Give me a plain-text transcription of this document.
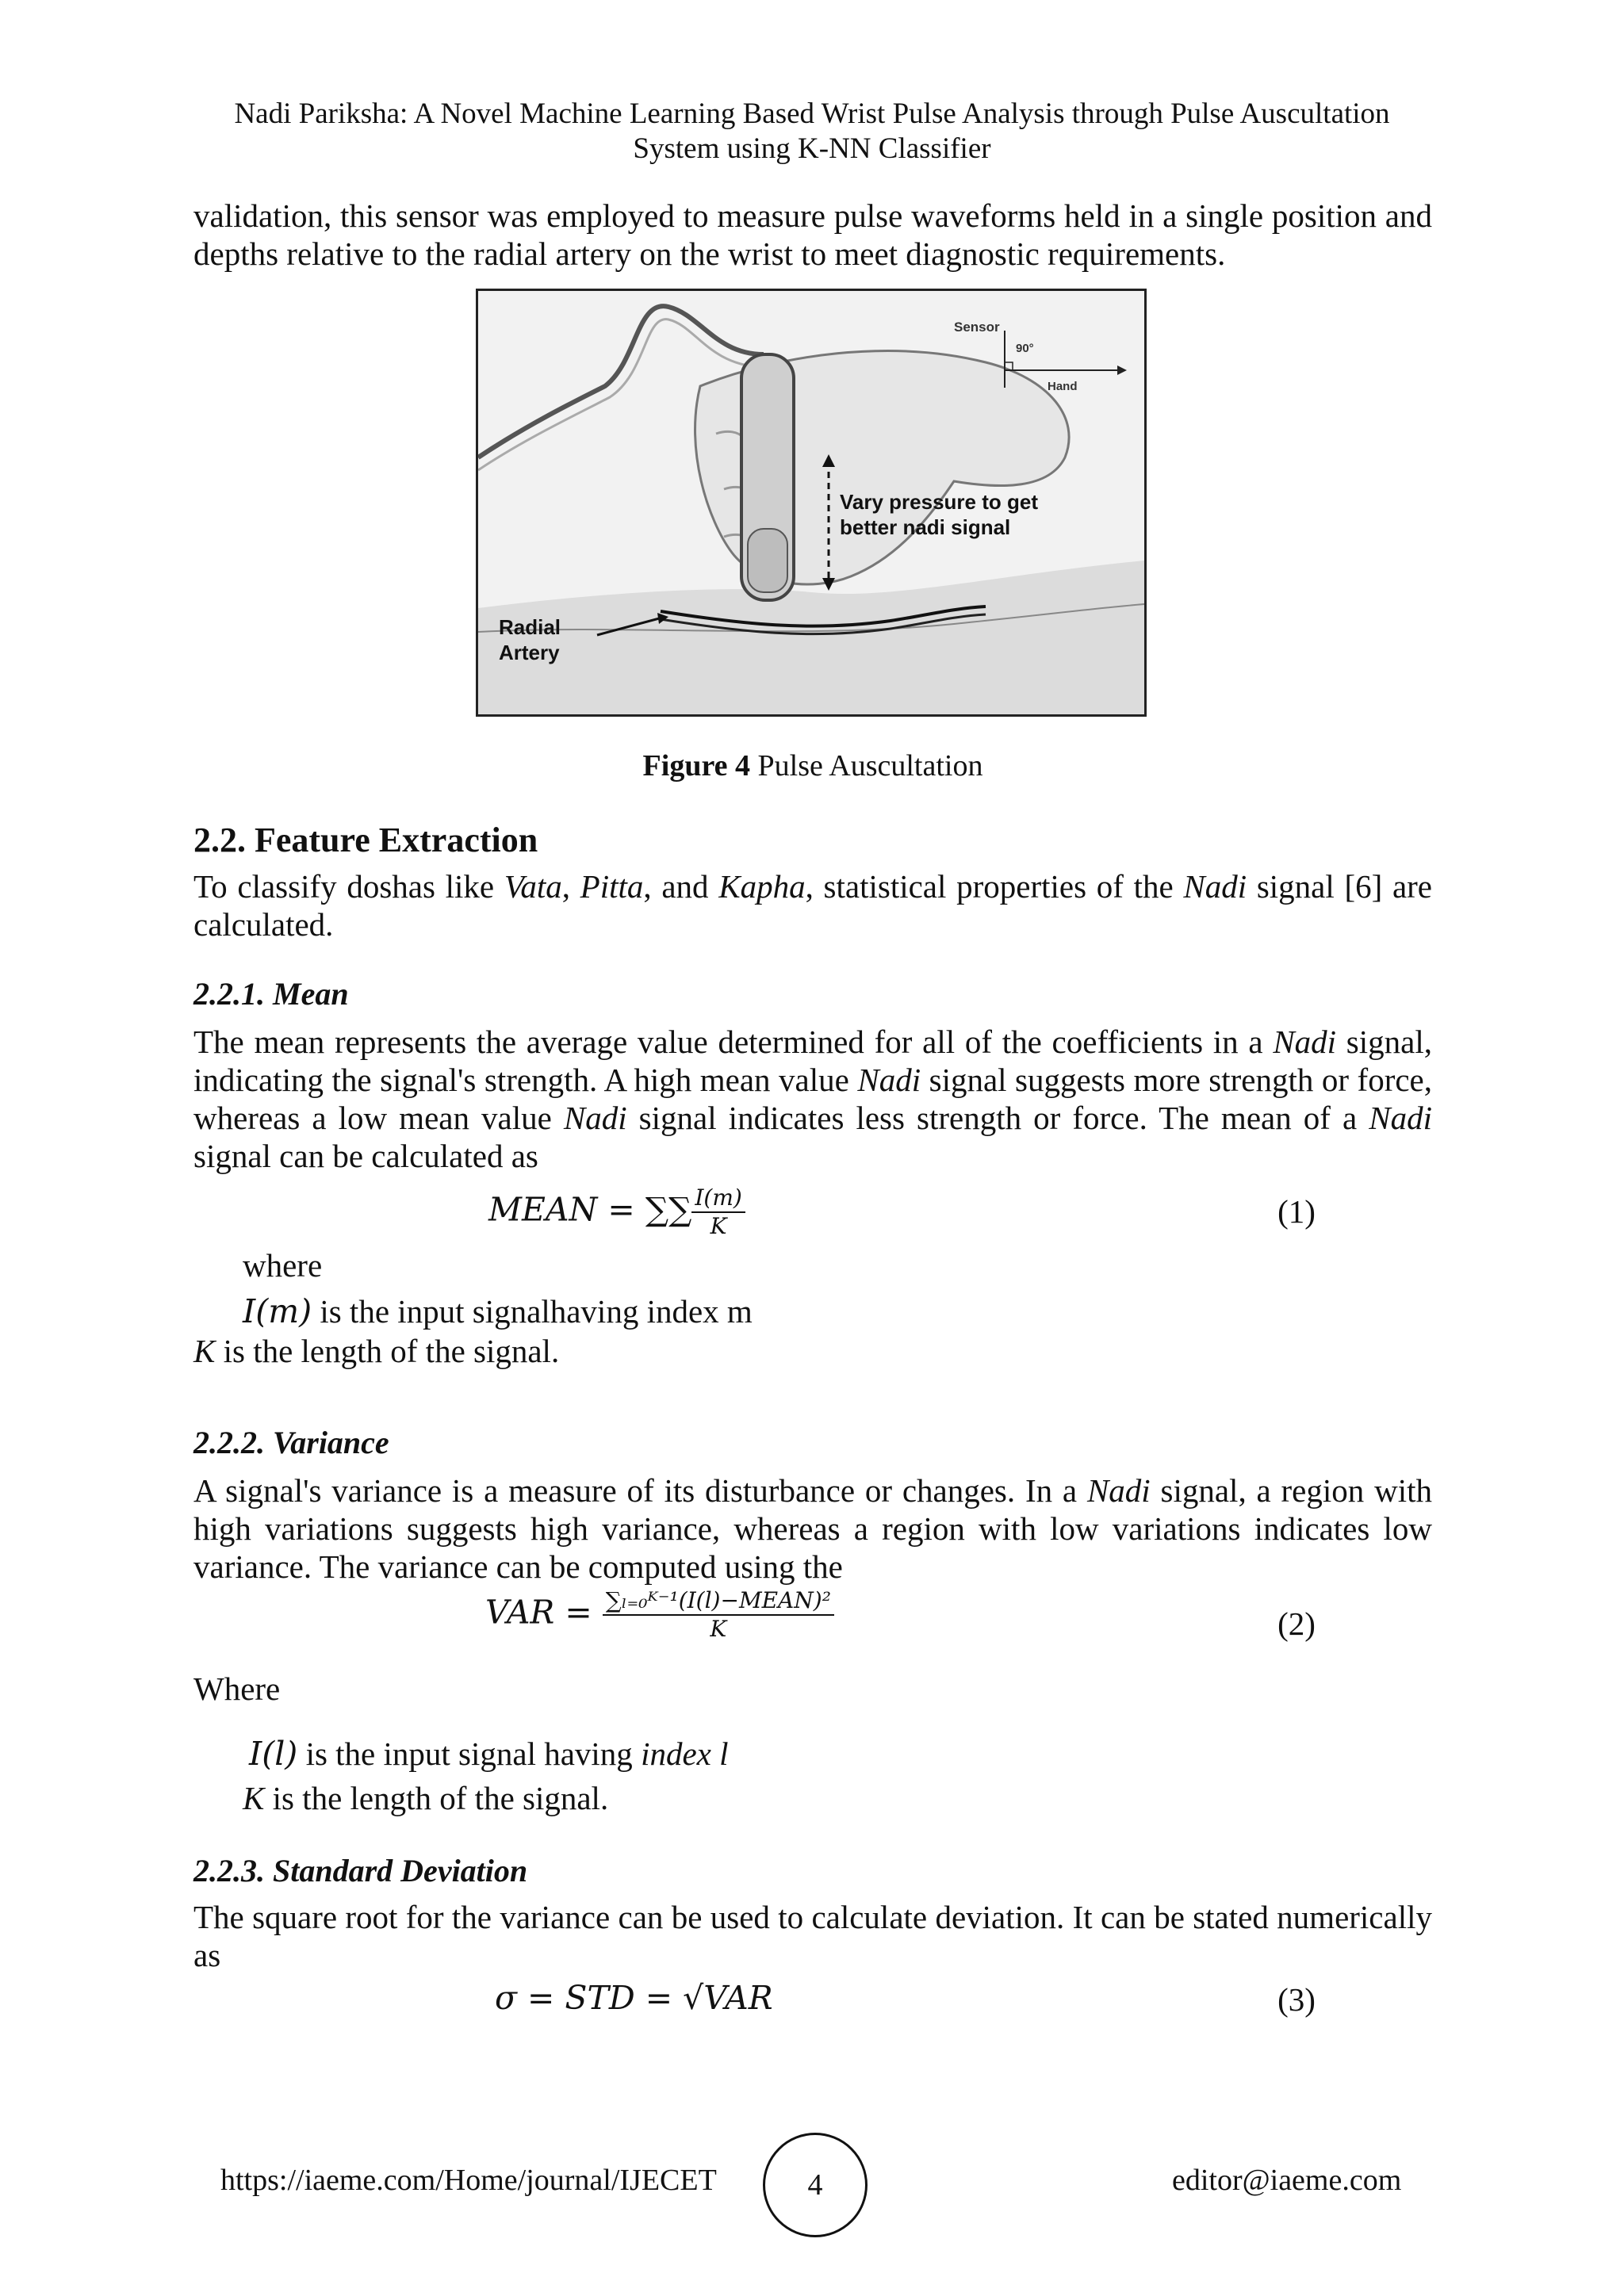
Nadi Pariksha: A Novel Machine Learning Based Wrist Pulse Analysis through Pulse Auscultation
System using K-NN Classifier
validation, this sensor was employed to measure pulse waveforms held in a single position and depths relative to the radial artery on the wrist to meet diagnostic requirements.
Sensor
90°
Hand
Vary pressure to get
better nadi signal
Radial
Artery
Figure 4 Pulse Auscultation
2.2. Feature Extraction
To classify doshas like Vata, Pitta, and Kapha, statistical properties of the Nadi signal [6] are calculated.
2.2.1. Mean
The mean represents the average value determined for all of the coefficients in a Nadi signal, indicating the signal's strength. A high mean value Nadi signal suggests more strength or force, whereas a low mean value Nadi signal indicates less strength or force. The mean of a Nadi signal can be calculated as
MEAN = ∑∑ $\frac{I(m)}{K}$	(1)
where
I(m) is the input signalhaving index m
K is the length of the signal.
2.2.2. Variance
A signal's variance is a measure of its disturbance or changes. In a Nadi signal, a region with high variations suggests high variance, whereas a region with low variations indicates low variance. The variance can be computed using the
VAR = $\frac{\text{∑ₗ₌₀ᴷ⁻¹(I(l)−MEAN)²}}{K}$	(2)
Where
I(l) is the input signal having index l
K is the length of the signal.
2.2.3. Standard Deviation
The square root for the variance can be used to calculate deviation. It can be stated numerically as
σ = STD = √VAR	(3)
https://iaeme.com/Home/journal/IJECET	4	editor@iaeme.com
